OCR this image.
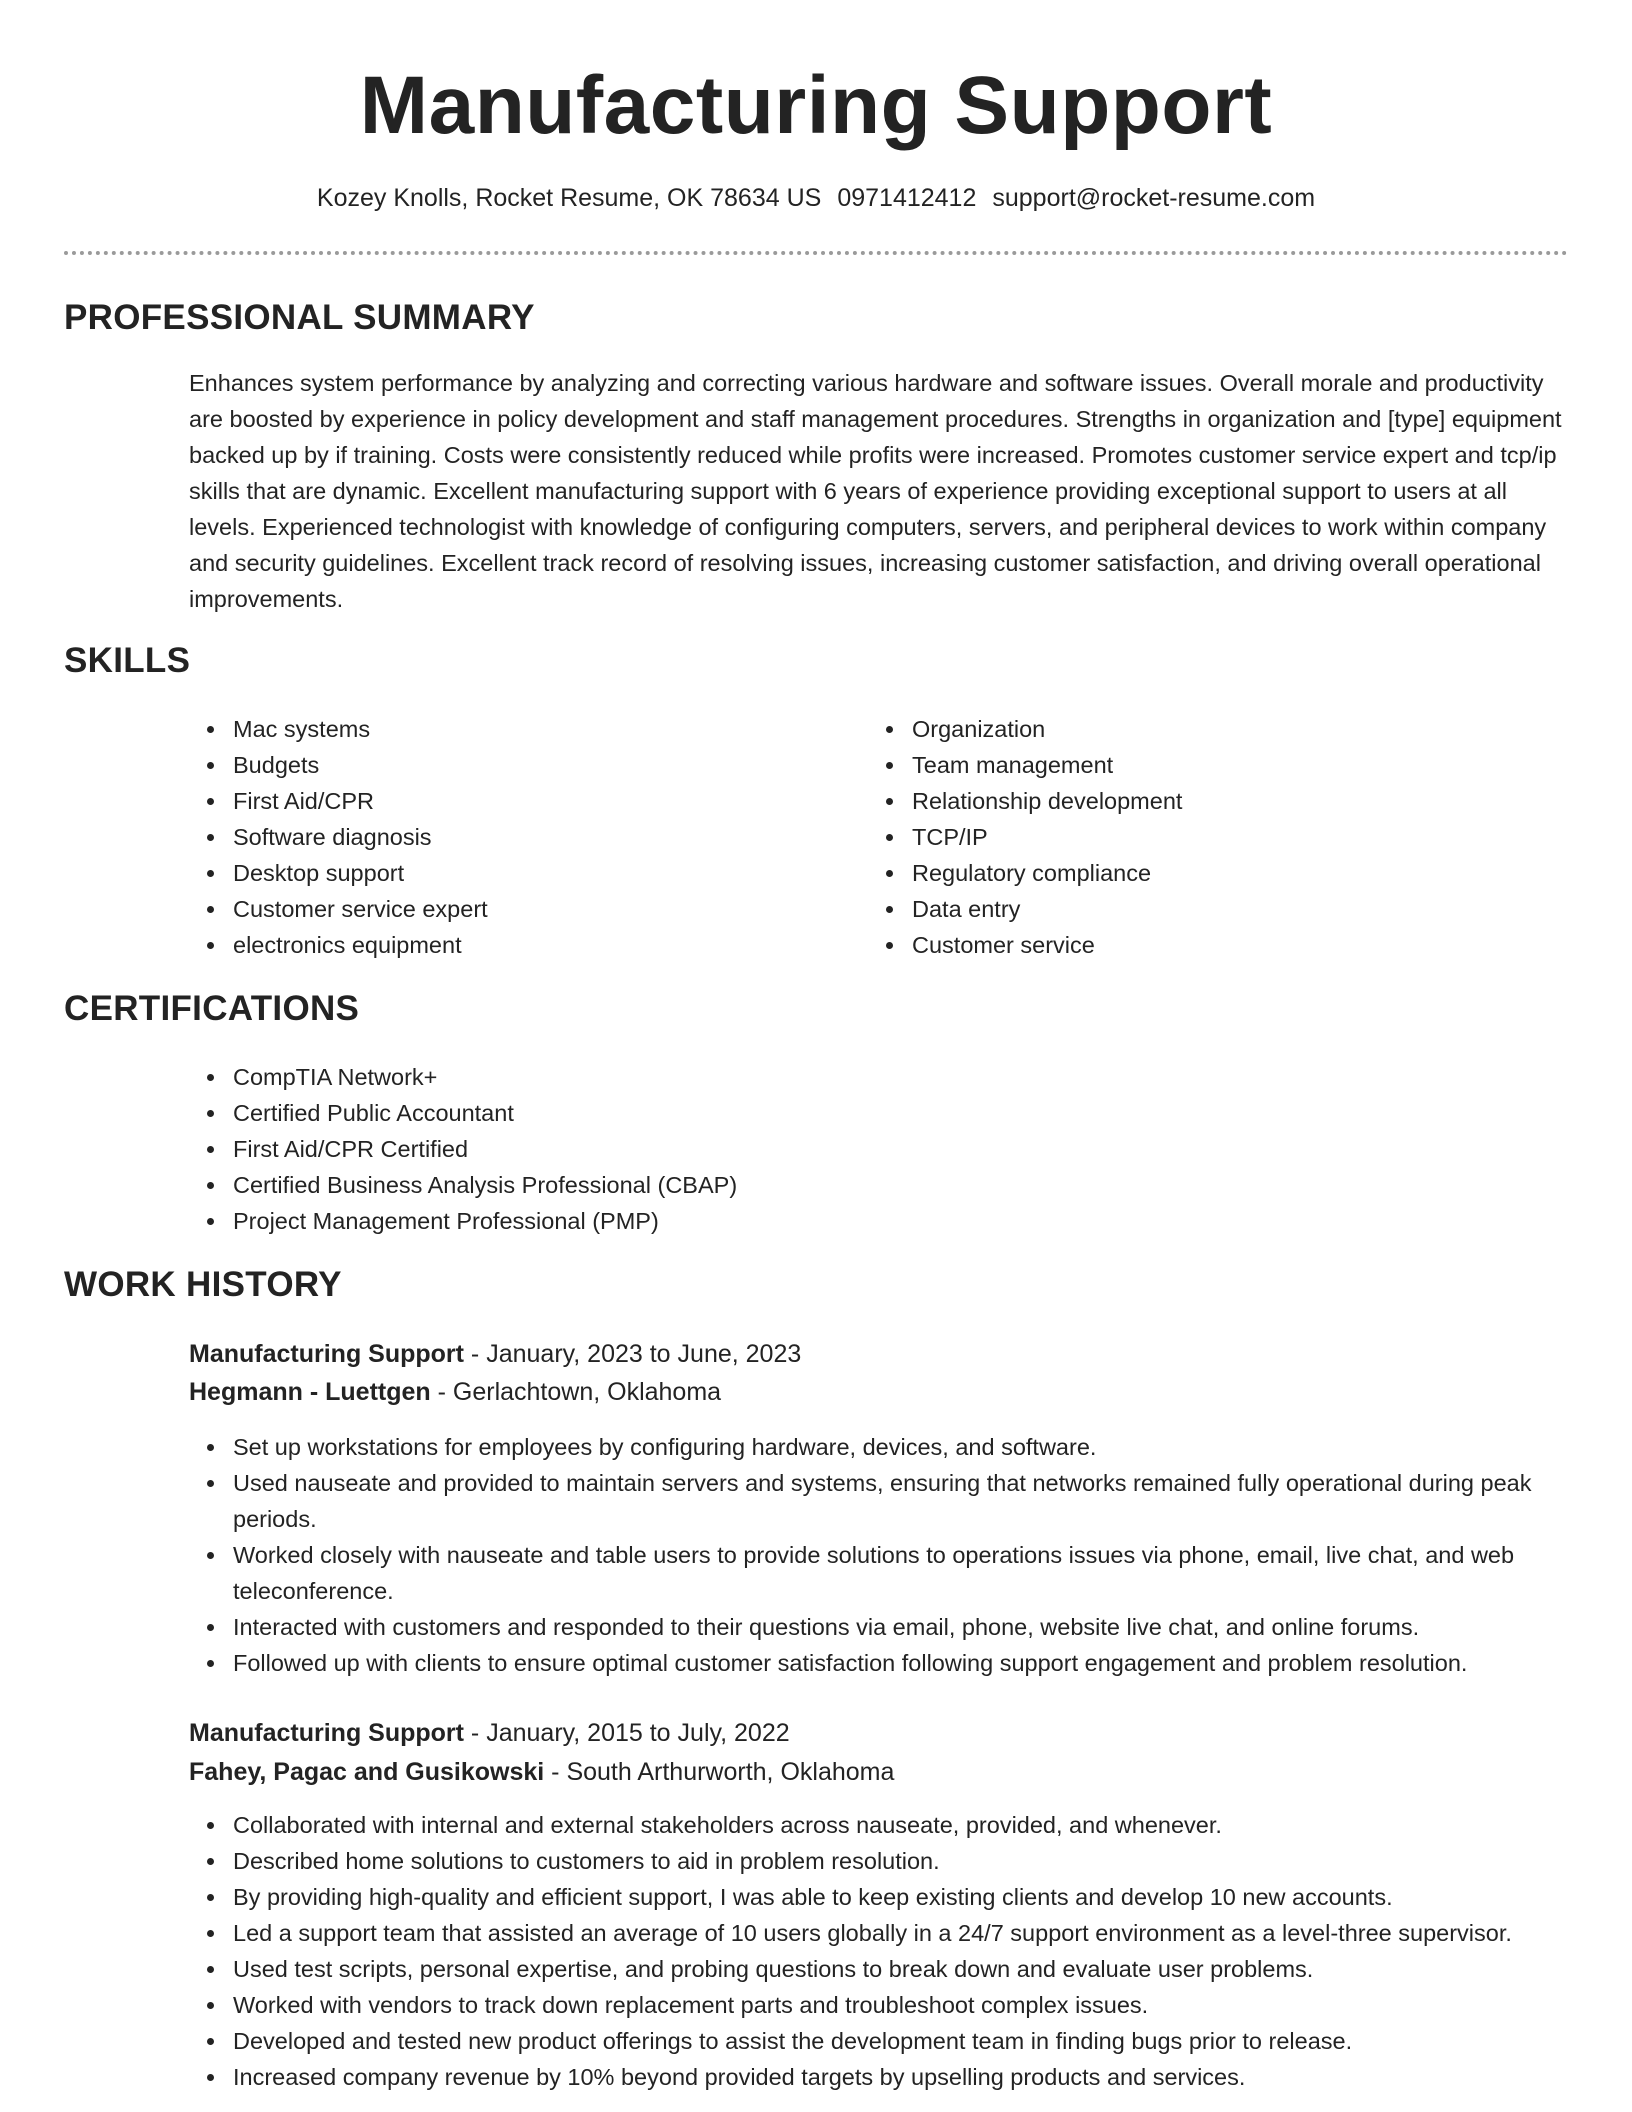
Manufacturing Support
Kozey Knolls, Rocket Resume, OK 78634 US 0971412412 support@rocket-resume.com
PROFESSIONAL SUMMARY

Enhances system performance by analyzing and correcting various hardware and software issues. Overall morale and productivity are boosted by experience in policy development and staff management procedures. Strengths in organization and [type] equipment backed up by if training. Costs were consistently reduced while profits were increased. Promotes customer service expert and tcp/ip skills that are dynamic. Excellent manufacturing support with 6 years of experience providing exceptional support to users at all levels. Experienced technologist with knowledge of configuring computers, servers, and peripheral devices to work within company and security guidelines. Excellent track record of resolving issues, increasing customer satisfaction, and driving overall operational improvements.

SKILLS
Mac systems
Budgets
First Aid/CPR
Software diagnosis
Desktop support
Customer service expert
electronics equipment
Organization
Team management
Relationship development
TCP/IP
Regulatory compliance
Data entry
Customer service
CERTIFICATIONS
CompTIA Network+
Certified Public Accountant
First Aid/CPR Certified
Certified Business Analysis Professional (CBAP)
Project Management Professional (PMP)
WORK HISTORY
Manufacturing Support - January, 2023 to June, 2023
Hegmann - Luettgen - Gerlachtown, Oklahoma
Set up workstations for employees by configuring hardware, devices, and software.
Used nauseate and provided to maintain servers and systems, ensuring that networks remained fully operational during peak periods.
Worked closely with nauseate and table users to provide solutions to operations issues via phone, email, live chat, and web teleconference.
Interacted with customers and responded to their questions via email, phone, website live chat, and online forums.
Followed up with clients to ensure optimal customer satisfaction following support engagement and problem resolution.
Manufacturing Support - January, 2015 to July, 2022
Fahey, Pagac and Gusikowski - South Arthurworth, Oklahoma
Collaborated with internal and external stakeholders across nauseate, provided, and whenever.
Described home solutions to customers to aid in problem resolution.
By providing high-quality and efficient support, I was able to keep existing clients and develop 10 new accounts.
Led a support team that assisted an average of 10 users globally in a 24/7 support environment as a level-three supervisor.
Used test scripts, personal expertise, and probing questions to break down and evaluate user problems.
Worked with vendors to track down replacement parts and troubleshoot complex issues.
Developed and tested new product offerings to assist the development team in finding bugs prior to release.
Increased company revenue by 10% beyond provided targets by upselling products and services.
